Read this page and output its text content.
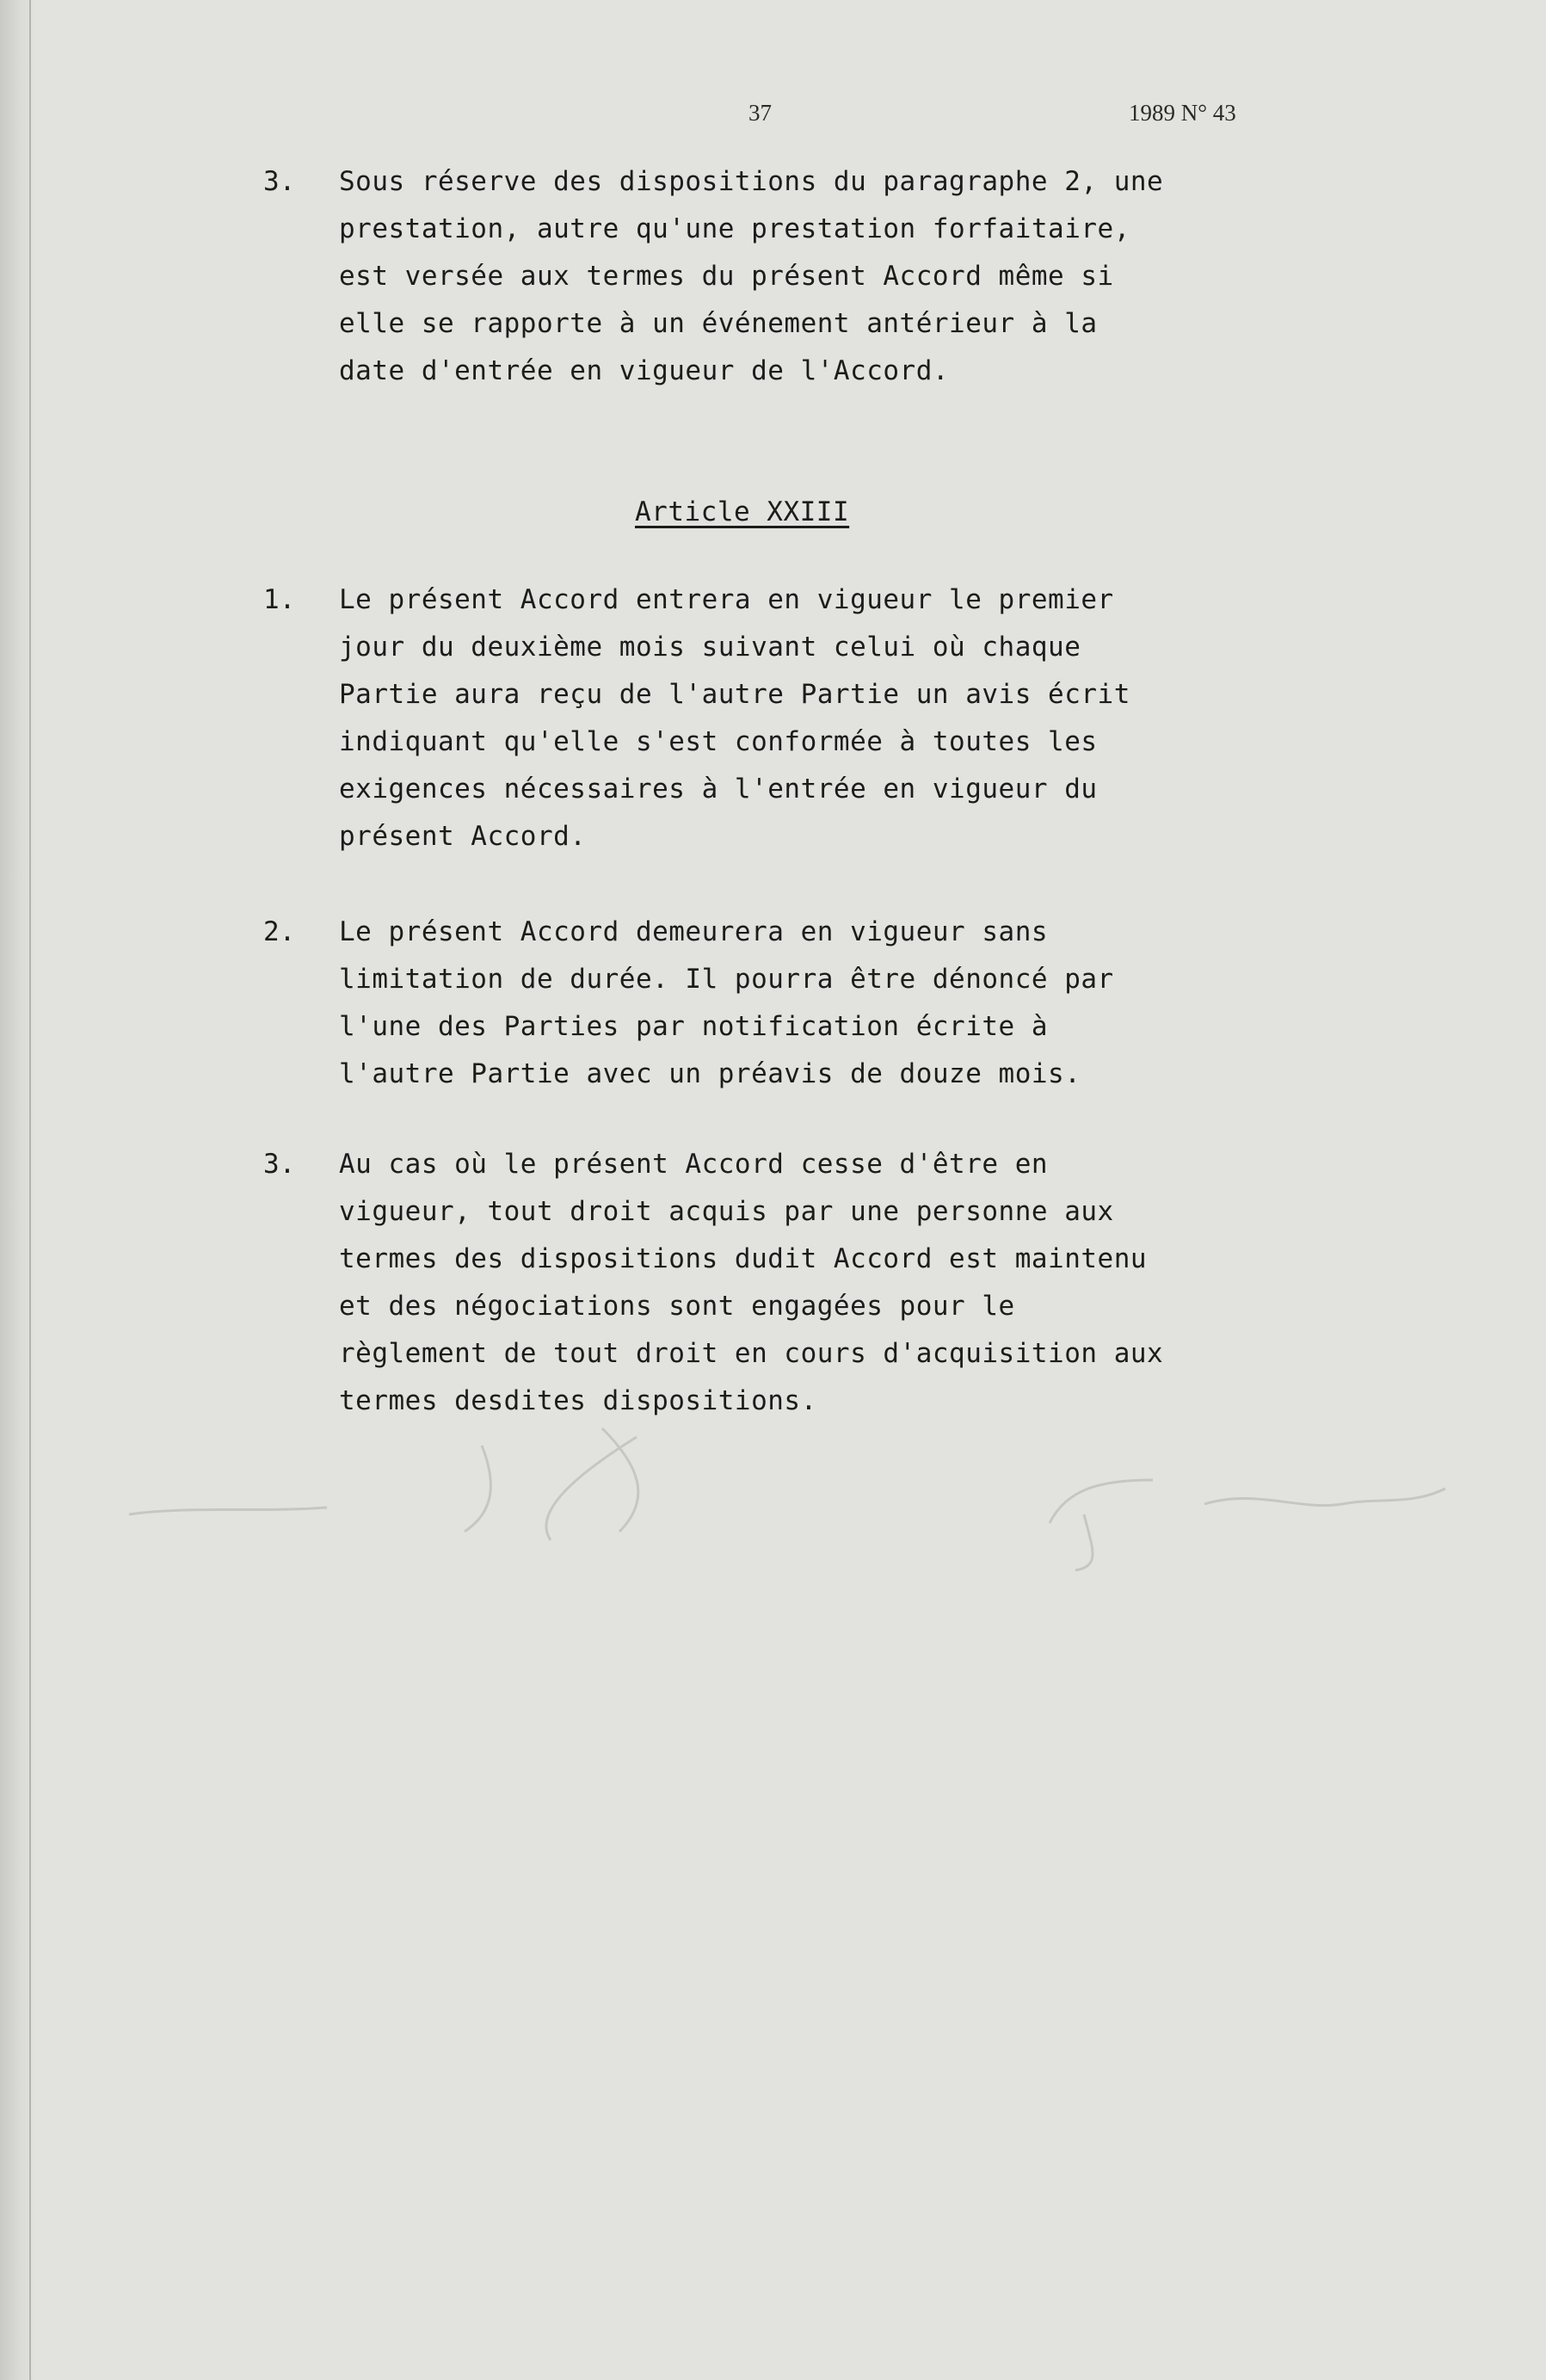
37	1989 N° 43
3. Sous réserve des dispositions du paragraphe 2, une
prestation, autre qu'une prestation forfaitaire,
est versée aux termes du présent Accord même si
elle se rapporte à un événement antérieur à la
date d'entrée en vigueur de l'Accord.
Article XXIII
1. Le présent Accord entrera en vigueur le premier
jour du deuxième mois suivant celui où chaque
Partie aura reçu de l'autre Partie un avis écrit
indiquant qu'elle s'est conformée à toutes les
exigences nécessaires à l'entrée en vigueur du
présent Accord.
2. Le présent Accord demeurera en vigueur sans
limitation de durée. Il pourra être dénoncé par
l'une des Parties par notification écrite à
l'autre Partie avec un préavis de douze mois.
3. Au cas où le présent Accord cesse d'être en
vigueur, tout droit acquis par une personne aux
termes des dispositions dudit Accord est maintenu
et des négociations sont engagées pour le
règlement de tout droit en cours d'acquisition aux
termes desdites dispositions.
